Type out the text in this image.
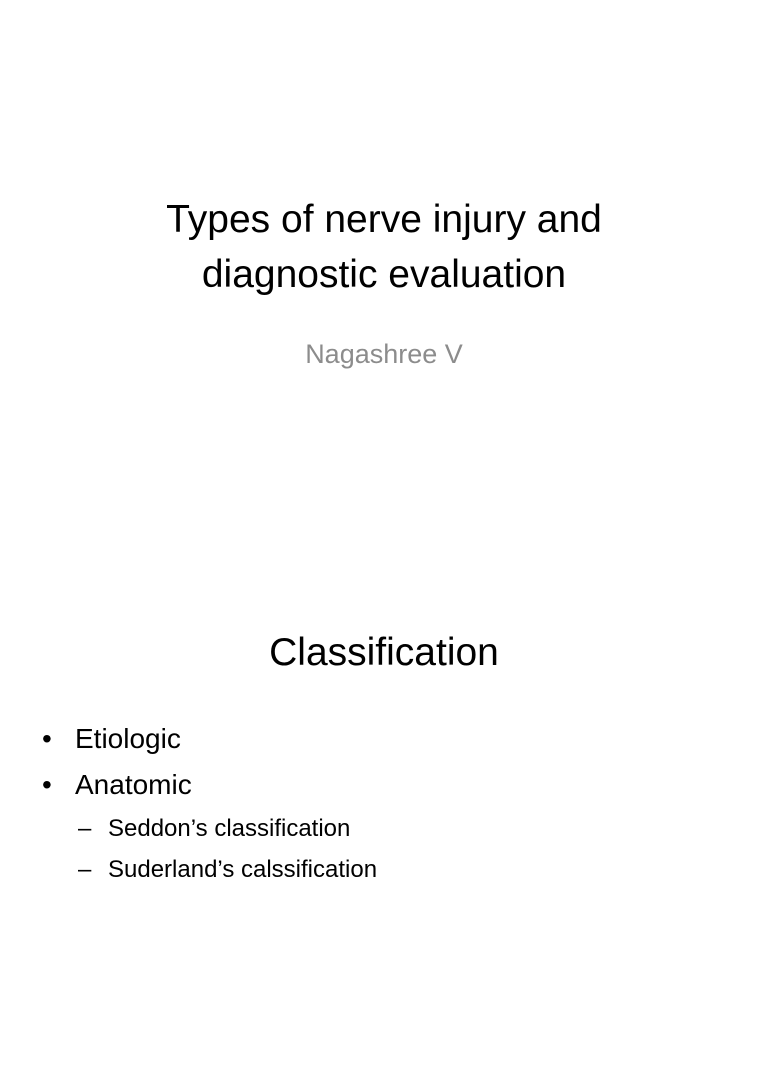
Types of nerve injury and
diagnostic evaluation

Nagashree V

Classification
• Etiologic
• Anatomic
– Seddon’s classification
– Suderland’s calssification
